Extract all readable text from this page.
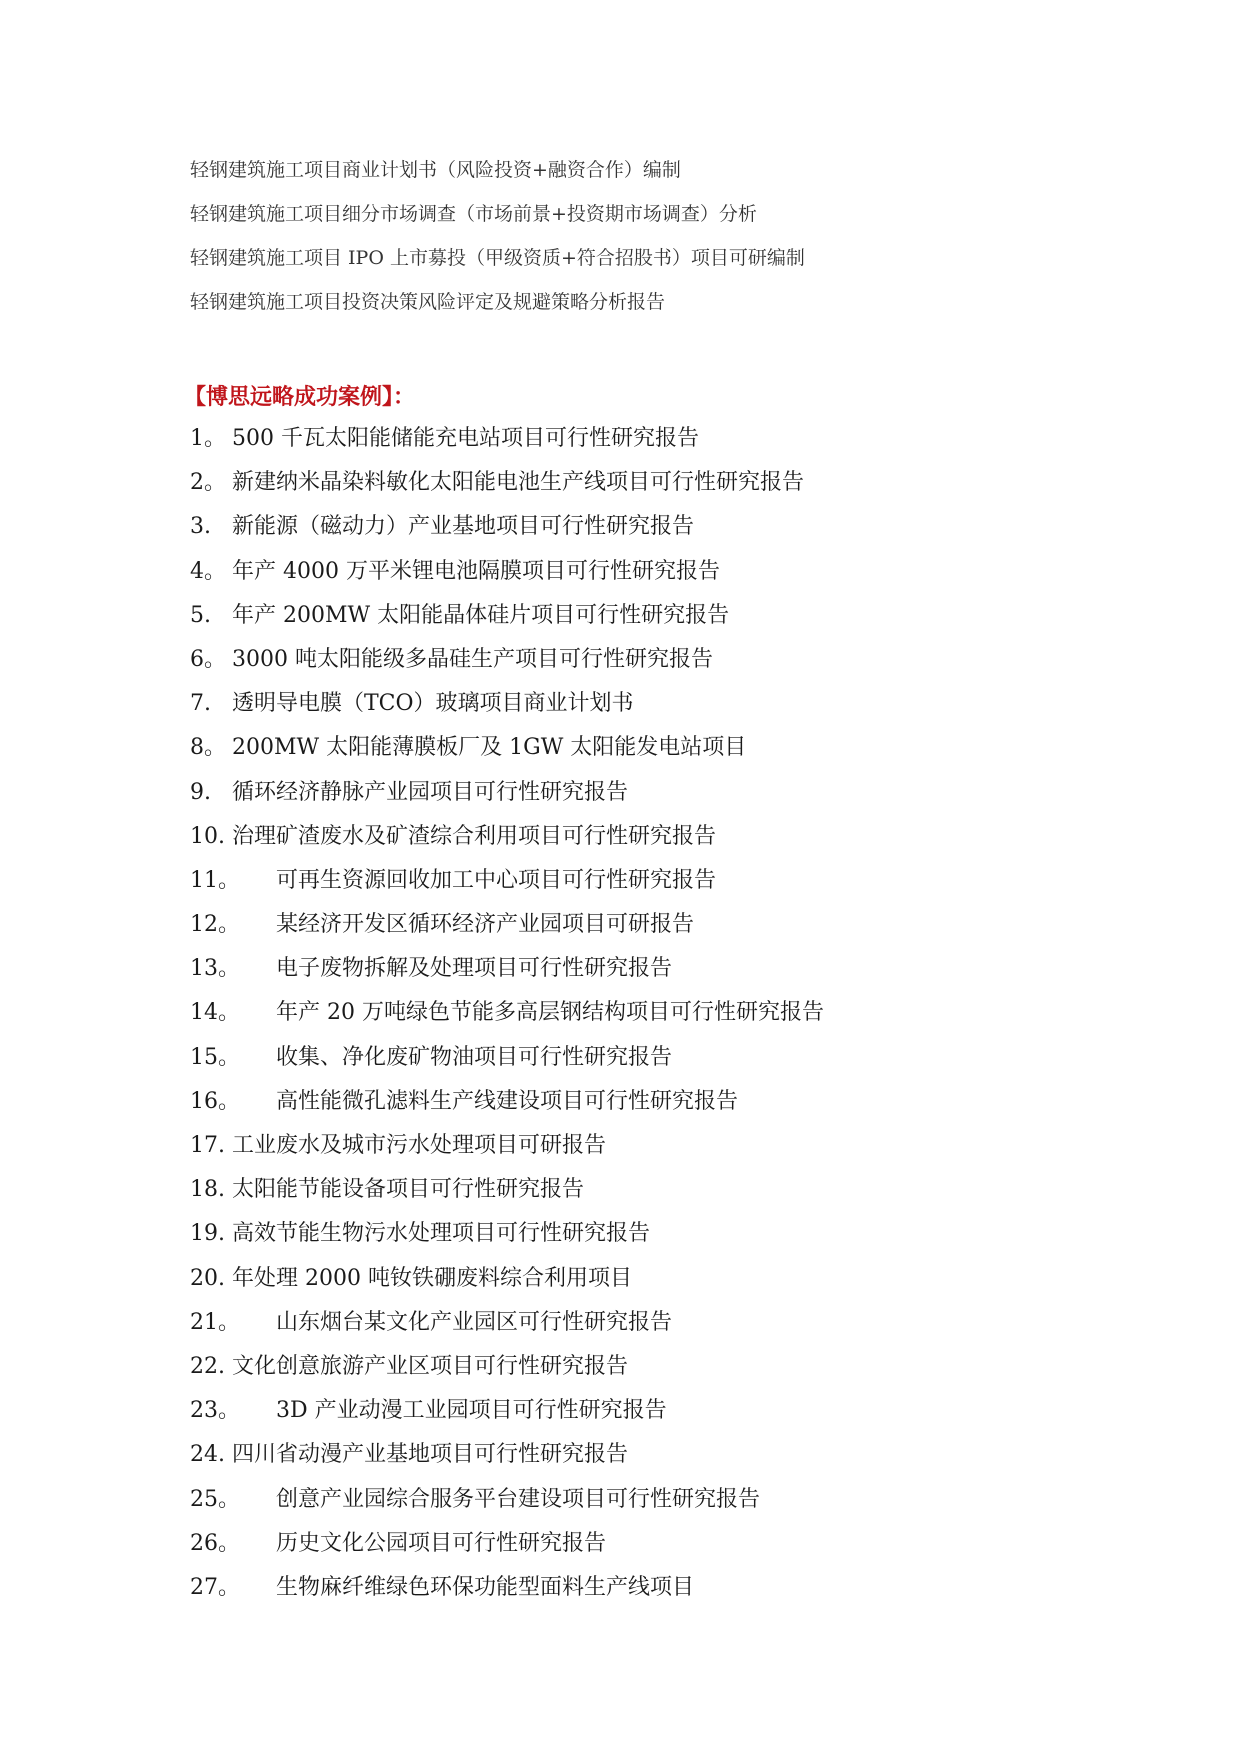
轻钢建筑施工项目商业计划书（风险投资+融资合作）编制
轻钢建筑施工项目细分市场调查（市场前景+投资期市场调查）分析
轻钢建筑施工项目 IPO 上市募投（甲级资质+符合招股书）项目可研编制
轻钢建筑施工项目投资决策风险评定及规避策略分析报告
【博思远略成功案例】：
1。 500 千瓦太阳能储能充电站项目可行性研究报告
2。 新建纳米晶染料敏化太阳能电池生产线项目可行性研究报告
3. 新能源（磁动力）产业基地项目可行性研究报告
4。 年产 4000 万平米锂电池隔膜项目可行性研究报告
5. 年产 200MW 太阳能晶体硅片项目可行性研究报告
6。 3000 吨太阳能级多晶硅生产项目可行性研究报告
7. 透明导电膜（TCO）玻璃项目商业计划书
8。 200MW 太阳能薄膜板厂及 1GW 太阳能发电站项目
9. 循环经济静脉产业园项目可行性研究报告
10. 治理矿渣废水及矿渣综合利用项目可行性研究报告
11。	可再生资源回收加工中心项目可行性研究报告
12。	某经济开发区循环经济产业园项目可研报告
13。	电子废物拆解及处理项目可行性研究报告
14。	年产 20 万吨绿色节能多高层钢结构项目可行性研究报告
15。	收集、净化废矿物油项目可行性研究报告
16。	高性能微孔滤料生产线建设项目可行性研究报告
17. 工业废水及城市污水处理项目可研报告
18. 太阳能节能设备项目可行性研究报告
19. 高效节能生物污水处理项目可行性研究报告
20. 年处理 2000 吨钕铁硼废料综合利用项目
21。	山东烟台某文化产业园区可行性研究报告
22. 文化创意旅游产业区项目可行性研究报告
23。	3D 产业动漫工业园项目可行性研究报告
24. 四川省动漫产业基地项目可行性研究报告
25。	创意产业园综合服务平台建设项目可行性研究报告
26。	历史文化公园项目可行性研究报告
27。	生物麻纤维绿色环保功能型面料生产线项目
